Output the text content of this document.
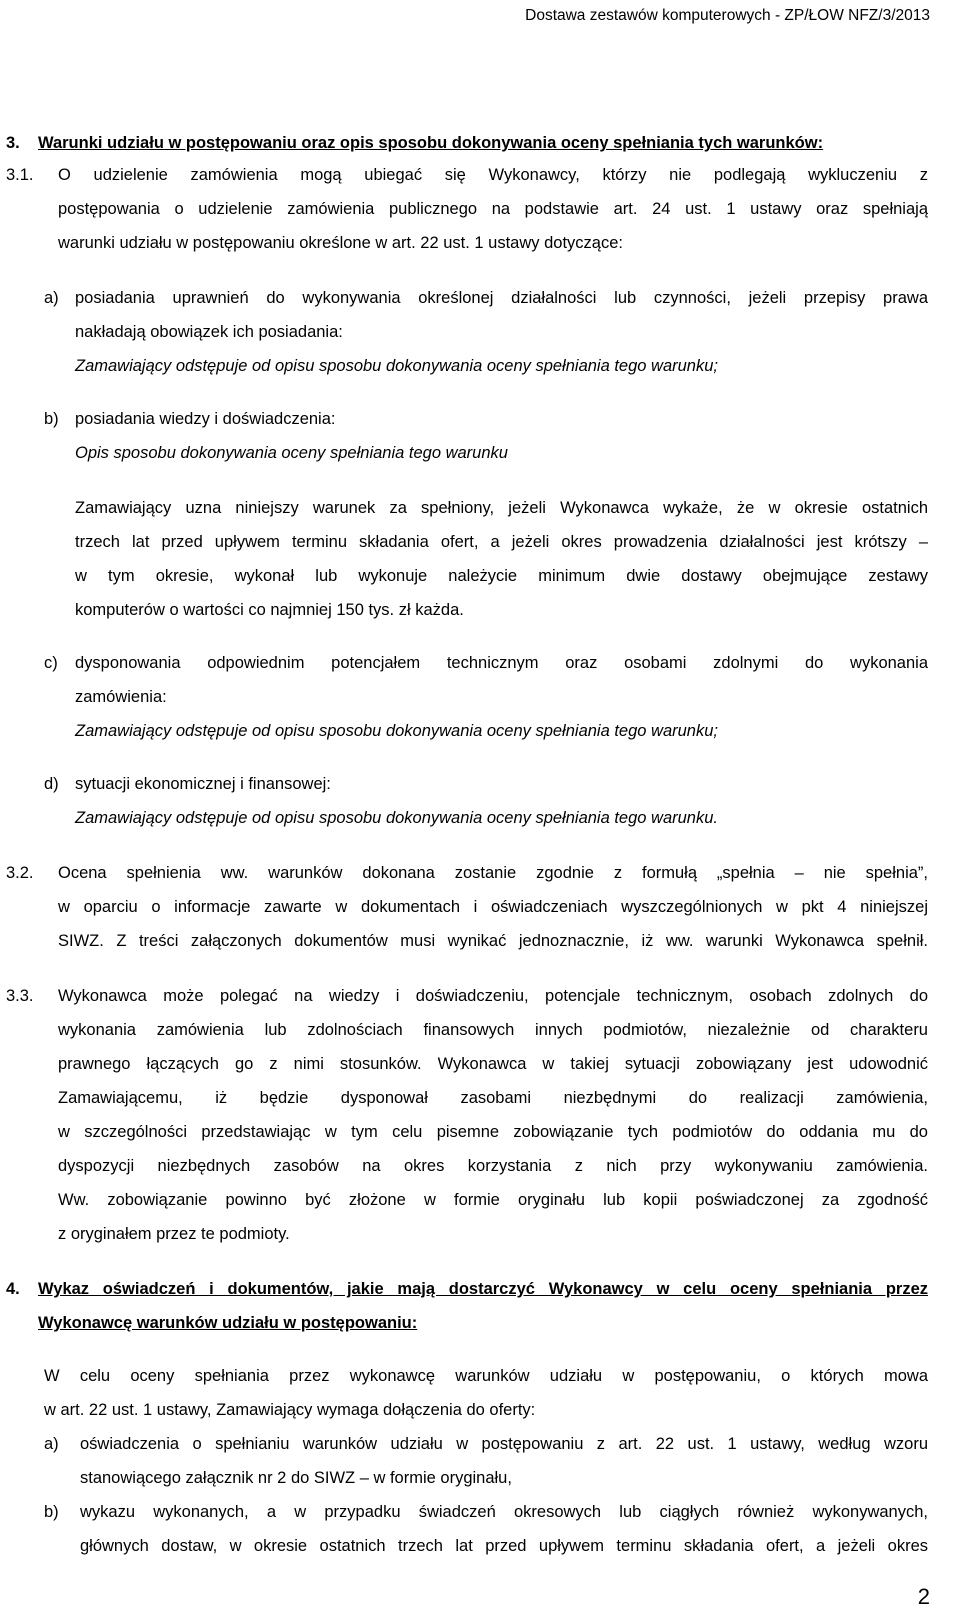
Dostawa zestawów komputerowych - ZP/ŁOW NFZ/3/2013
3. Warunki udziału w postępowaniu oraz opis sposobu dokonywania oceny spełniania tych warunków:
3.1. O udzielenie zamówienia mogą ubiegać się Wykonawcy, którzy nie podlegają wykluczeniu z
postępowania o udzielenie zamówienia publicznego na podstawie art. 24 ust. 1 ustawy oraz spełniają
warunki udziału w postępowaniu określone w art. 22 ust. 1 ustawy dotyczące:
a) posiadania uprawnień do wykonywania określonej działalności lub czynności, jeżeli przepisy prawa
nakładają obowiązek ich posiadania:
Zamawiający odstępuje od opisu sposobu dokonywania oceny spełniania tego warunku;
b) posiadania wiedzy i doświadczenia:
Opis sposobu dokonywania oceny spełniania tego warunku
Zamawiający uzna niniejszy warunek za spełniony, jeżeli Wykonawca wykaże, że w okresie ostatnich
trzech lat przed upływem terminu składania ofert, a jeżeli okres prowadzenia działalności jest krótszy –
w tym okresie, wykonał lub wykonuje należycie minimum dwie dostawy obejmujące zestawy
komputerów o wartości co najmniej 150 tys. zł każda.
c) dysponowania odpowiednim potencjałem technicznym oraz osobami zdolnymi do wykonania
zamówienia:
Zamawiający odstępuje od opisu sposobu dokonywania oceny spełniania tego warunku;
d) sytuacji ekonomicznej i finansowej:
Zamawiający odstępuje od opisu sposobu dokonywania oceny spełniania tego warunku.
3.2. Ocena spełnienia ww. warunków dokonana zostanie zgodnie z formułą „spełnia – nie spełnia”,
w oparciu o informacje zawarte w dokumentach i oświadczeniach wyszczególnionych w pkt 4 niniejszej
SIWZ. Z treści załączonych dokumentów musi wynikać jednoznacznie, iż ww. warunki Wykonawca spełnił.
3.3. Wykonawca może polegać na wiedzy i doświadczeniu, potencjale technicznym, osobach zdolnych do
wykonania zamówienia lub zdolnościach finansowych innych podmiotów, niezależnie od charakteru
prawnego łączących go z nimi stosunków. Wykonawca w takiej sytuacji zobowiązany jest udowodnić
Zamawiającemu, iż będzie dysponował zasobami niezbędnymi do realizacji zamówienia,
w szczególności przedstawiając w tym celu pisemne zobowiązanie tych podmiotów do oddania mu do
dyspozycji niezbędnych zasobów na okres korzystania z nich przy wykonywaniu zamówienia.
Ww. zobowiązanie powinno być złożone w formie oryginału lub kopii poświadczonej za zgodność
z oryginałem przez te podmioty.
4. Wykaz oświadczeń i dokumentów, jakie mają dostarczyć Wykonawcy w celu oceny spełniania przez
Wykonawcę warunków udziału w postępowaniu:
W celu oceny spełniania przez wykonawcę warunków udziału w postępowaniu, o których mowa
w art. 22 ust. 1 ustawy, Zamawiający wymaga dołączenia do oferty:
a) oświadczenia o spełnianiu warunków udziału w postępowaniu z art. 22 ust. 1 ustawy, według wzoru
stanowiącego załącznik nr 2 do SIWZ – w formie oryginału,
b) wykazu wykonanych, a w przypadku świadczeń okresowych lub ciągłych również wykonywanych,
głównych dostaw, w okresie ostatnich trzech lat przed upływem terminu składania ofert, a jeżeli okres
2
